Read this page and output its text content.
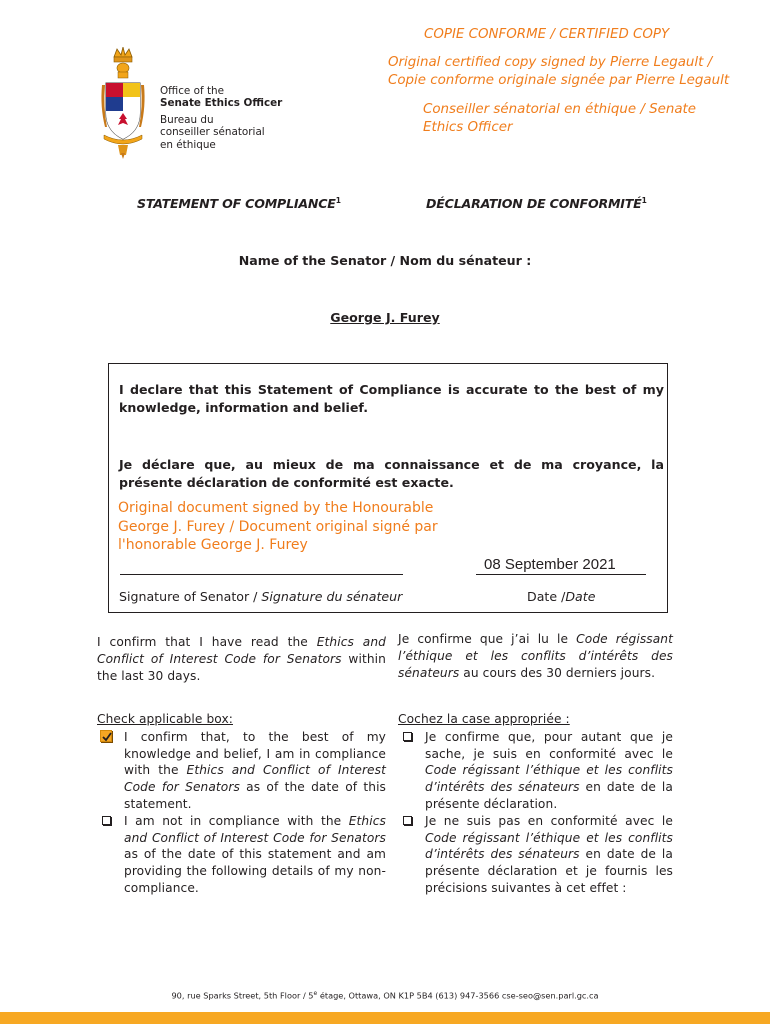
Office of the
Senate Ethics Officer
Bureau du
conseiller sénatorial
en éthique
COPIE CONFORME / CERTIFIED COPY
Original certified copy signed by Pierre Legault /
Copie conforme originale signée par Pierre Legault
Conseiller sénatorial en éthique / Senate
Ethics Officer
STATEMENT OF COMPLIANCE$^1$	DÉCLARATION DE CONFORMITÉ$^1$
Name of the Senator / Nom du sénateur :
George J. Furey
I declare that this Statement of Compliance is accurate to the best of my knowledge, information and belief.
Je déclare que, au mieux de ma connaissance et de ma croyance, la présente déclaration de conformité est exacte.
Original document signed by the Honourable
George J. Furey / Document original signé par
l'honorable George J. Furey
08 September 2021
Signature of Senator / Signature du sénateur	Date /Date
I confirm that I have read the Ethics and Conflict of Interest Code for Senators within the last 30 days.
Je confirme que j’ai lu le Code régissant l’éthique et les conflits d’intérêts des sénateurs au cours des 30 derniers jours.
Check applicable box:
I confirm that, to the best of my knowledge and belief, I am in compliance with the Ethics and Conflict of Interest Code for Senators as of the date of this statement.
I am not in compliance with the Ethics and Conflict of Interest Code for Senators as of the date of this statement and am providing the following details of my non-compliance.
Cochez la case appropriée :
Je confirme que, pour autant que je sache, je suis en conformité avec le Code régissant l’éthique et les conflits d’intérêts des sénateurs en date de la présente déclaration.
Je ne suis pas en conformité avec le Code régissant l’éthique et les conflits d’intérêts des sénateurs en date de la présente déclaration et je fournis les précisions suivantes à cet effet :
90, rue Sparks Street, 5th Floor / 5e étage, Ottawa, ON K1P 5B4 (613) 947-3566 cse-seo@sen.parl.gc.ca
